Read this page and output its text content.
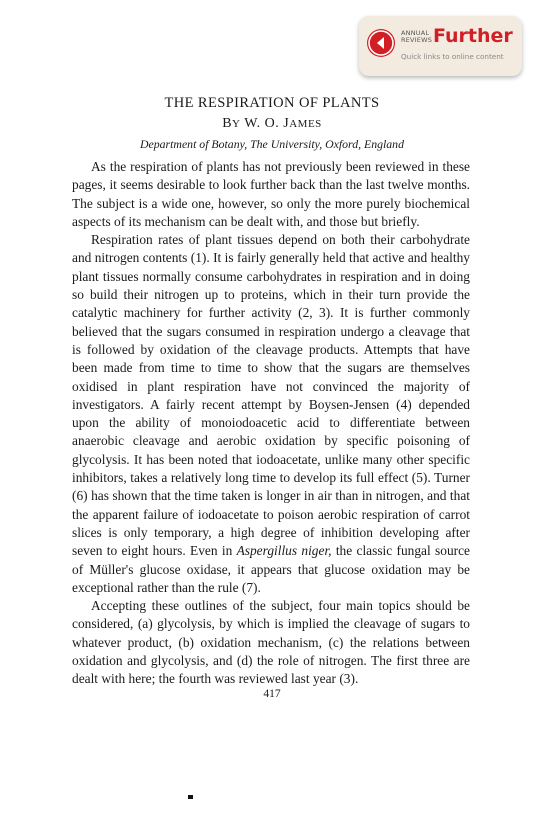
ANNUAL
REVIEWS Further
Quick links to online content
THE RESPIRATION OF PLANTS
BY W. O. JAMES
Department of Botany, The University, Oxford, England

As the respiration of plants has not previously been reviewed in these pages, it seems desirable to look further back than the last twelve months. The subject is a wide one, however, so only the more purely biochemical aspects of its mechanism can be dealt with, and those but briefly.

Respiration rates of plant tissues depend on both their carbohydrate and nitrogen contents (1). It is fairly generally held that active and healthy plant tissues normally consume carbohydrates in respiration and in doing so build their nitrogen up to proteins, which in their turn provide the catalytic machinery for further activity (2, 3). It is further commonly believed that the sugars consumed in respiration undergo a cleavage that is followed by oxidation of the cleavage products. Attempts that have been made from time to time to show that the sugars are themselves oxidised in plant respiration have not convinced the majority of investigators. A fairly recent attempt by Boysen-Jensen (4) depended upon the ability of monoiodoacetic acid to differentiate between anaerobic cleavage and aerobic oxidation by specific poisoning of glycolysis. It has been noted that iodoacetate, unlike many other specific inhibitors, takes a relatively long time to develop its full effect (5). Turner (6) has shown that the time taken is longer in air than in nitrogen, and that the apparent failure of iodoacetate to poison aerobic respiration of carrot slices is only temporary, a high degree of inhibition developing after seven to eight hours. Even in Aspergillus niger, the classic fungal source of Müller's glucose oxidase, it appears that glucose oxidation may be exceptional rather than the rule (7).

Accepting these outlines of the subject, four main topics should be considered, (a) glycolysis, by which is implied the cleavage of sugars to whatever product, (b) oxidation mechanism, (c) the relations between oxidation and glycolysis, and (d) the role of nitrogen. The first three are dealt with here; the fourth was reviewed last year (3).

417
